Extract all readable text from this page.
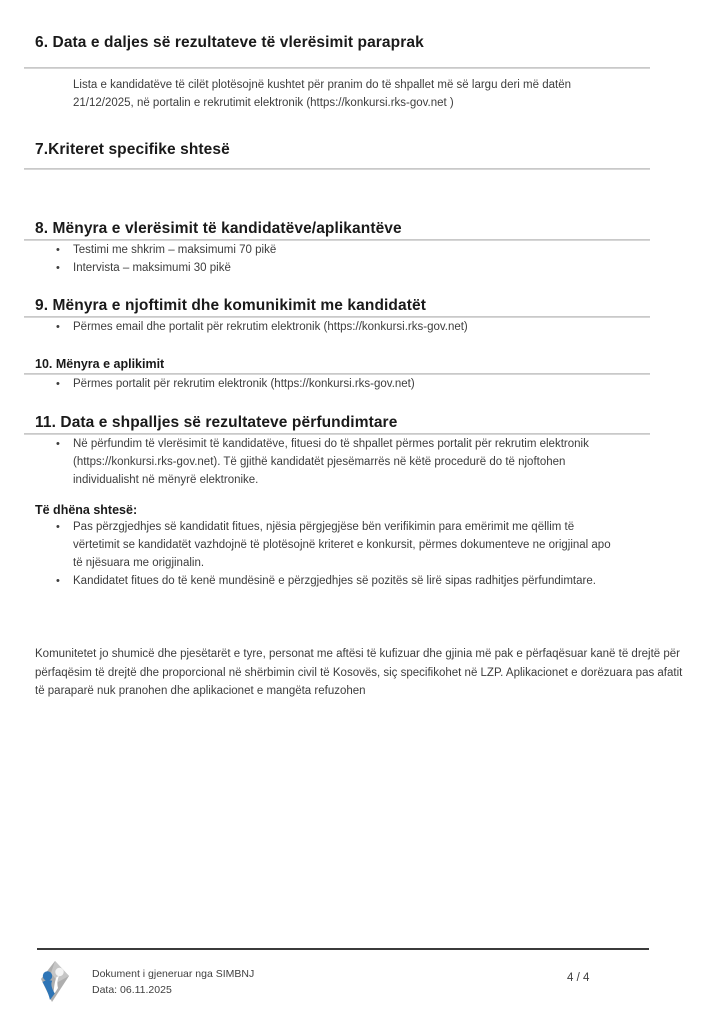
6. Data e daljes së rezultateve të vlerësimit paraprak

Lista e kandidatëve të cilët plotësojnë kushtet për pranim do të shpallet më së largu deri më datën 21/12/2025, në portalin e rekrutimit elektronik (https://konkursi.rks-gov.net )

7.Kriteret specifike shtesë
8. Mënyra e vlerësimit të kandidatëve/aplikantëve
• Testimi me shkrim – maksimumi 70 pikë
• Intervista – maksimumi 30 pikë
9. Mënyra e njoftimit dhe komunikimit me kandidatët
• Përmes email dhe portalit për rekrutim elektronik (https://konkursi.rks-gov.net)
10. Mënyra e aplikimit
• Përmes portalit për rekrutim elektronik (https://konkursi.rks-gov.net)
11. Data e shpalljes së rezultateve përfundimtare
• Në përfundim të vlerësimit të kandidatëve, fituesi do të shpallet përmes portalit për rekrutim elektronik (https://konkursi.rks-gov.net). Të gjithë kandidatët pjesëmarrës në këtë procedurë do të njoftohen individualisht në mënyrë elektronike.
Të dhëna shtesë:
• Pas përzgjedhjes së kandidatit fitues, njësia përgjegjëse bën verifikimin para emërimit me qëllim të vërtetimit se kandidatët vazhdojnë të plotësojnë kriteret e konkursit, përmes dokumenteve ne origjinal apo të njësuara me origjinalin.
• Kandidatet fitues do të kenë mundësinë e përzgjedhjes së pozitës së lirë sipas radhitjes përfundimtare.

Komunitetet jo shumicë dhe pjesëtarët e tyre, personat me aftësi të kufizuar dhe gjinia më pak e përfaqësuar kanë të drejtë për përfaqësim të drejtë dhe proporcional në shërbimin civil të Kosovës, siç specifikohet në LZP. Aplikacionet e dorëzuara pas afatit të paraparë nuk pranohen dhe aplikacionet e mangëta refuzohen

Dokument i gjeneruar nga SIMBNJ
Data: 06.11.2025
4 / 4
